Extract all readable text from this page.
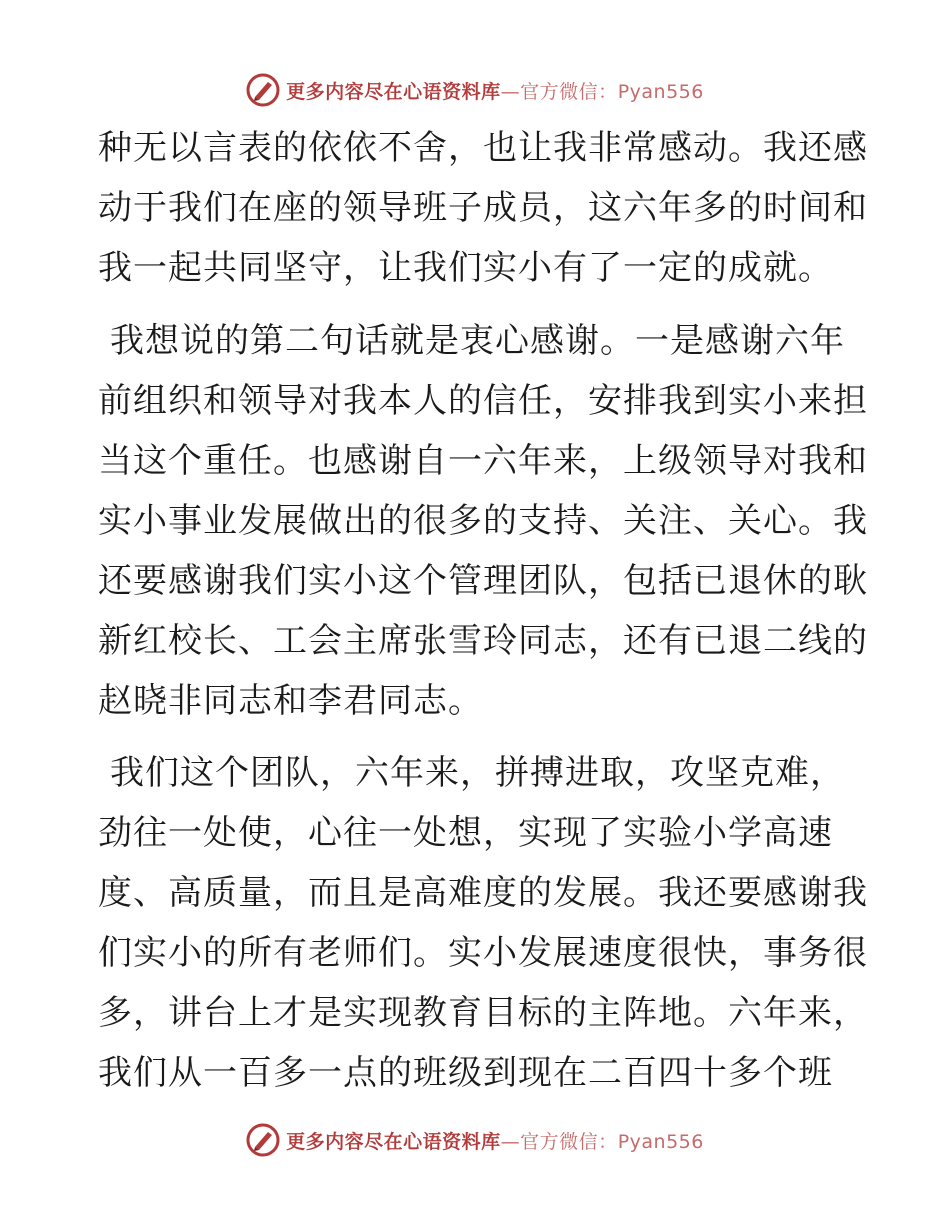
更多内容尽在心语资料库—官方微信：Pyan556
种无以言表的依依不舍，也让我非常感动。我还感
动于我们在座的领导班子成员，这六年多的时间和
我一起共同坚守，让我们实小有了一定的成就。
我想说的第二句话就是衷心感谢。一是感谢六年
前组织和领导对我本人的信任，安排我到实小来担
当这个重任。也感谢自一六年来，上级领导对我和
实小事业发展做出的很多的支持、关注、关心。我
还要感谢我们实小这个管理团队，包括已退休的耿
新红校长、工会主席张雪玲同志，还有已退二线的
赵晓非同志和李君同志。
我们这个团队，六年来，拼搏进取，攻坚克难，
劲往一处使，心往一处想，实现了实验小学高速
度、高质量，而且是高难度的发展。我还要感谢我
们实小的所有老师们。实小发展速度很快，事务很
多，讲台上才是实现教育目标的主阵地。六年来，
我们从一百多一点的班级到现在二百四十多个班
更多内容尽在心语资料库—官方微信：Pyan556
